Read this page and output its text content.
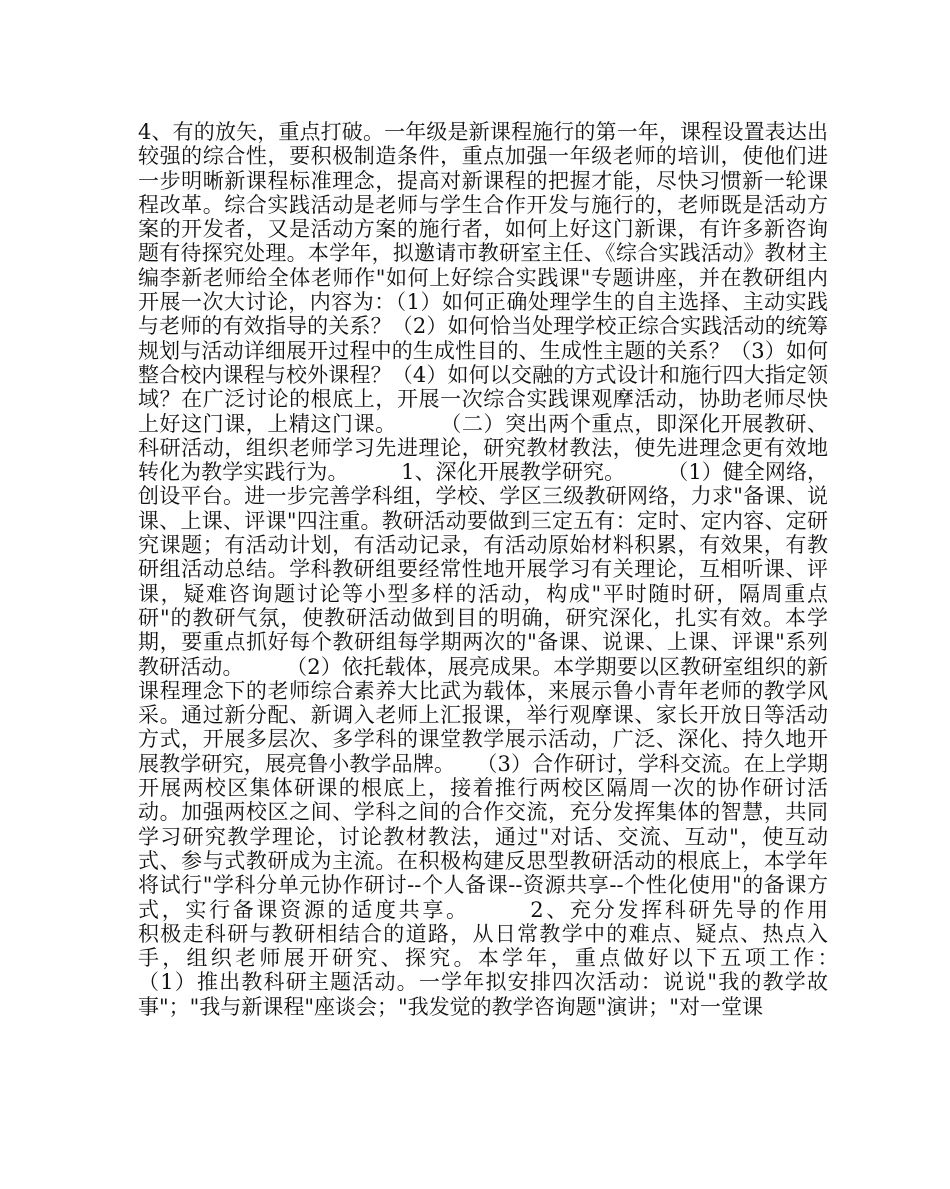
4、有的放矢，重点打破。一年级是新课程施行的第一年，课程设置表达出较强的综合性，要积极制造条件，重点加强一年级老师的培训，使他们进一步明晰新课程标准理念，提高对新课程的把握才能，尽快习惯新一轮课程改革。综合实践活动是老师与学生合作开发与施行的，老师既是活动方案的开发者，又是活动方案的施行者，如何上好这门新课，有许多新咨询题有待探究处理。本学年，拟邀请市教研室主任、《综合实践活动》教材主编李新老师给全体老师作"如何上好综合实践课"专题讲座，并在教研组内开展一次大讨论，内容为：（1）如何正确处理学生的自主选择、主动实践与老师的有效指导的关系？（2）如何恰当处理学校正综合实践活动的统筹规划与活动详细展开过程中的生成性目的、生成性主题的关系？（3）如何整合校内课程与校外课程？（4）如何以交融的方式设计和施行四大指定领域？在广泛讨论的根底上，开展一次综合实践课观摩活动，协助老师尽快上好这门课，上精这门课。　　　（二）突出两个重点，即深化开展教研、科研活动，组织老师学习先进理论，研究教材教法，使先进理念更有效地转化为教学实践行为。　　　1、深化开展教学研究。　　　（1）健全网络，创设平台。进一步完善学科组，学校、学区三级教研网络，力求"备课、说课、上课、评课"四注重。教研活动要做到三定五有：定时、定内容、定研究课题；有活动计划，有活动记录，有活动原始材料积累，有效果，有教研组活动总结。学科教研组要经常性地开展学习有关理论，互相听课、评课，疑难咨询题讨论等小型多样的活动，构成"平时随时研，隔周重点研"的教研气氛，使教研活动做到目的明确，研究深化，扎实有效。本学期，要重点抓好每个教研组每学期两次的"备课、说课、上课、评课"系列教研活动。　　　（2）依托载体，展亮成果。本学期要以区教研室组织的新课程理念下的老师综合素养大比武为载体，来展示鲁小青年老师的教学风采。通过新分配、新调入老师上汇报课，举行观摩课、家长开放日等活动方式，开展多层次、多学科的课堂教学展示活动，广泛、深化、持久地开展教学研究，展亮鲁小教学品牌。　　（3）合作研讨，学科交流。在上学期开展两校区集体研课的根底上，接着推行两校区隔周一次的协作研讨活动。加强两校区之间、学科之间的合作交流，充分发挥集体的智慧，共同学习研究教学理论，讨论教材教法，通过"对话、交流、互动"，使互动式、参与式教研成为主流。在积极构建反思型教研活动的根底上，本学年将试行"学科分单元协作研讨--个人备课--资源共享--个性化使用"的备课方式，实行备课资源的适度共享。　　　2、充分发挥科研先导的作用　　　积极走科研与教研相结合的道路，从日常教学中的难点、疑点、热点入手，组织老师展开研究、探究。本学年，重点做好以下五项工作：　　　（1）推出教科研主题活动。一学年拟安排四次活动：说说"我的教学故事"；"我与新课程"座谈会；"我发觉的教学咨询题"演讲；"对一堂课
